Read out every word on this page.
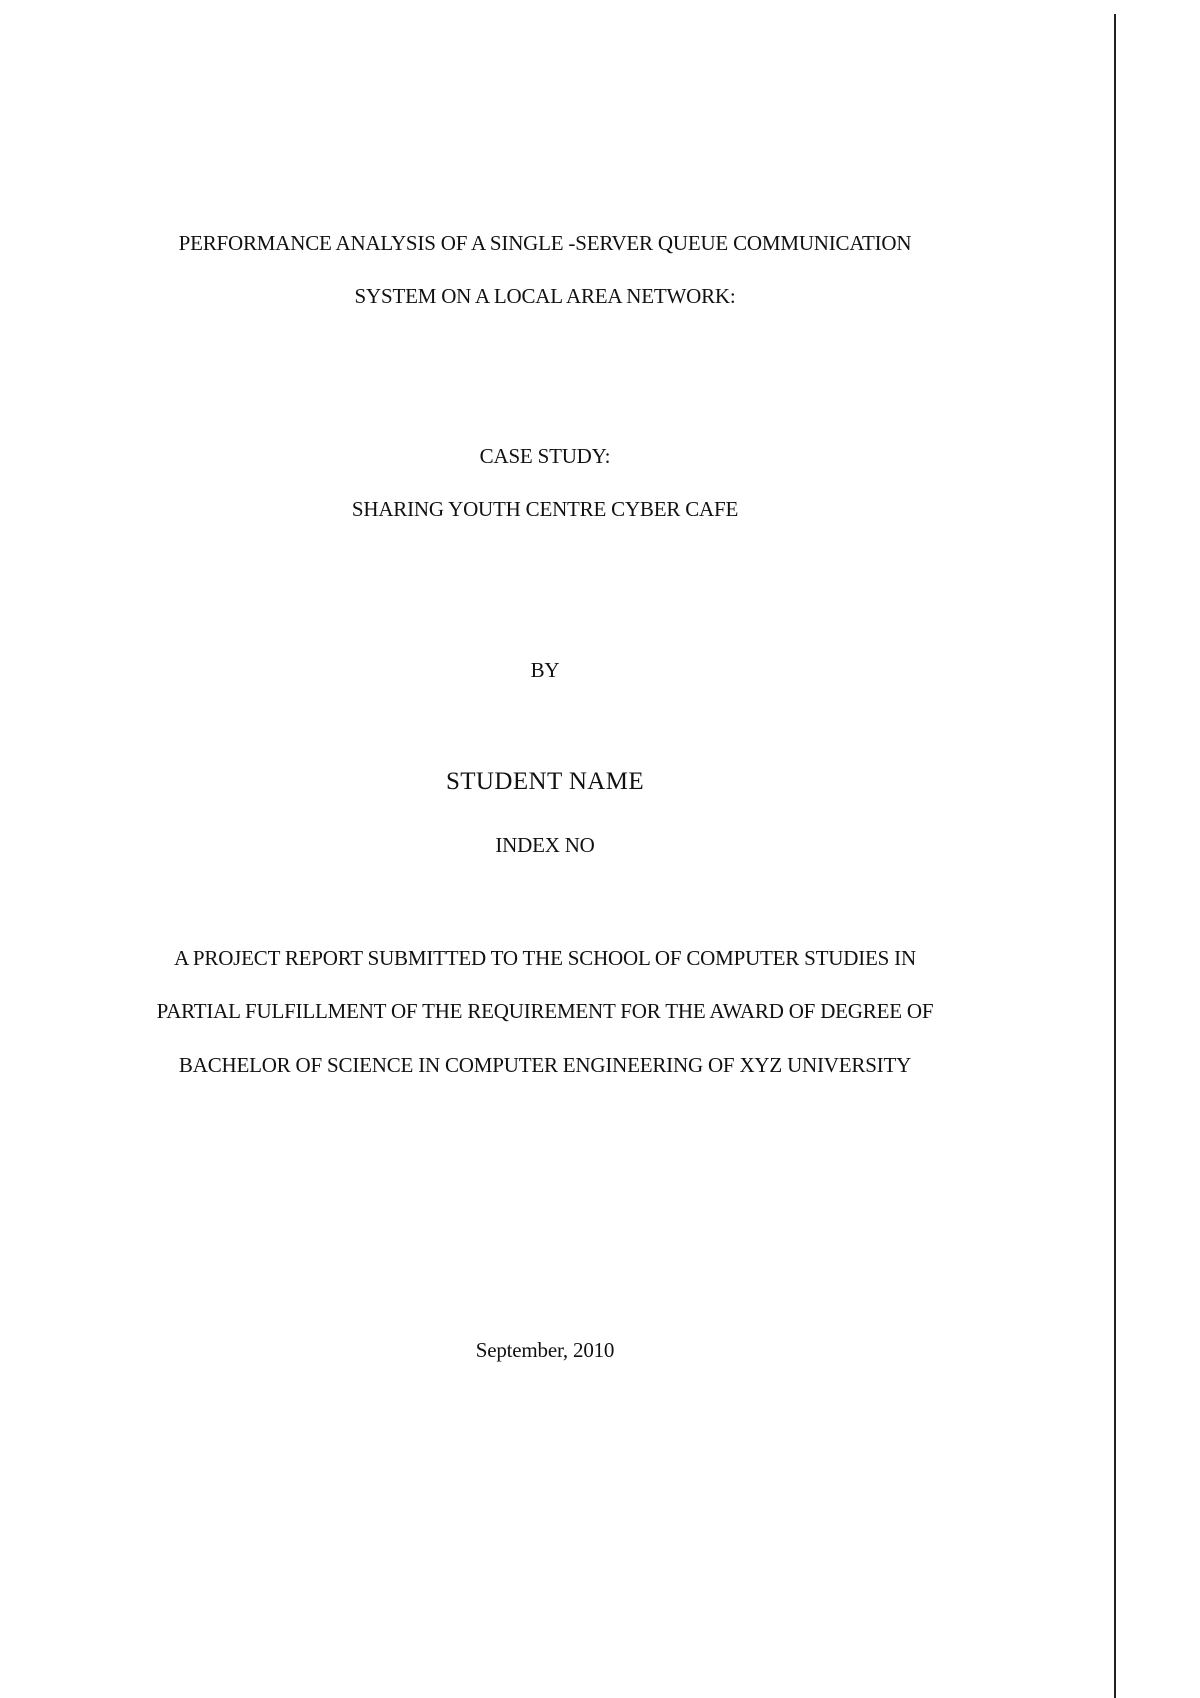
PERFORMANCE ANALYSIS OF A SINGLE -SERVER QUEUE COMMUNICATION
SYSTEM ON A LOCAL AREA NETWORK:
CASE STUDY:
SHARING YOUTH CENTRE CYBER CAFE
BY
STUDENT NAME
INDEX NO
A PROJECT REPORT SUBMITTED TO THE SCHOOL OF COMPUTER STUDIES IN
PARTIAL FULFILLMENT OF THE REQUIREMENT FOR THE AWARD OF DEGREE OF
BACHELOR OF SCIENCE IN COMPUTER ENGINEERING OF XYZ UNIVERSITY
September, 2010
